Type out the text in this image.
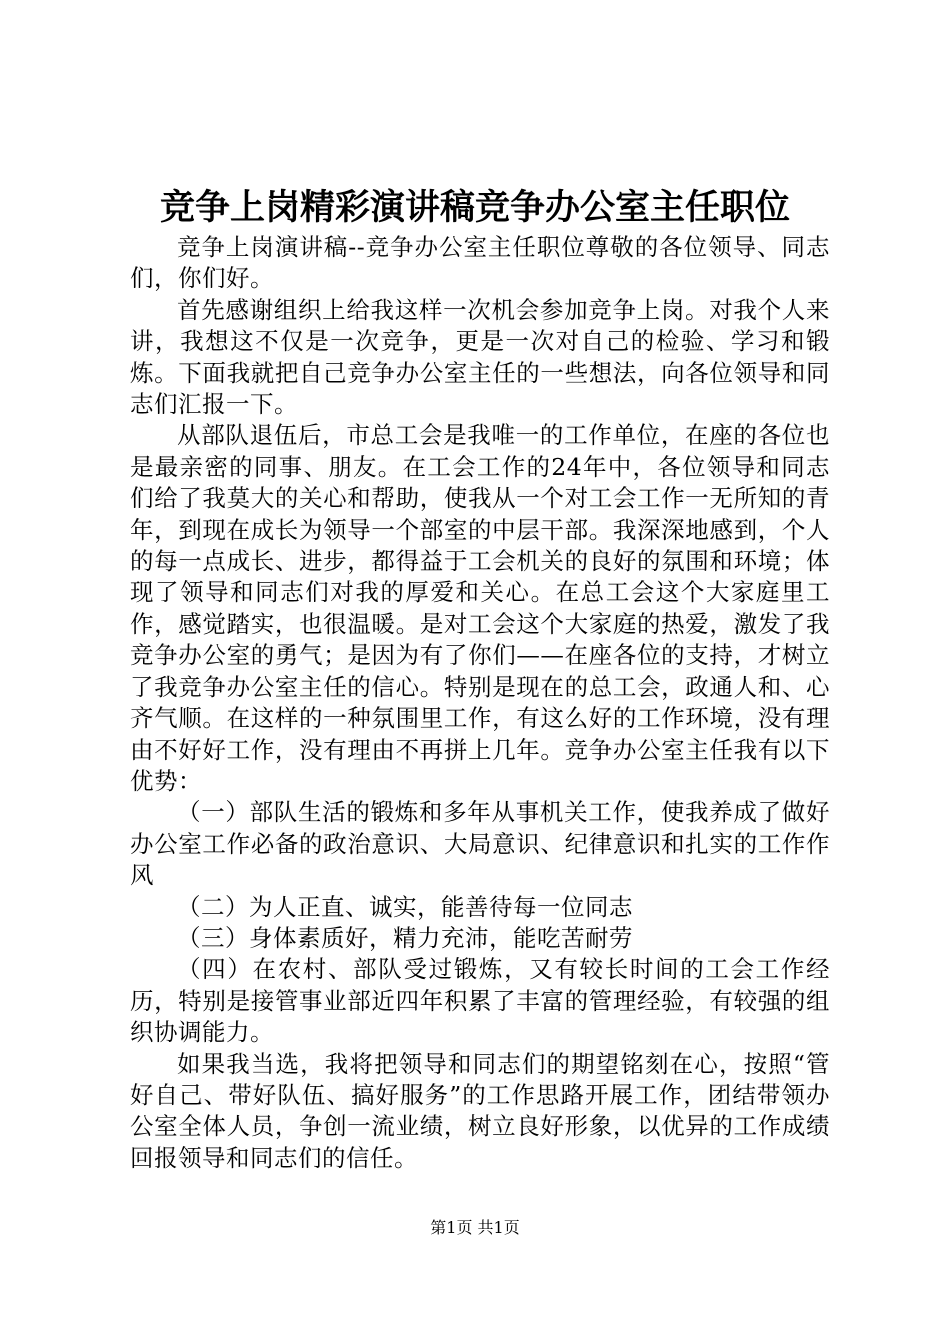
竞争上岗精彩演讲稿竞争办公室主任职位

竞争上岗演讲稿--竞争办公室主任职位尊敬的各位领导、同志们，你们好。

首先感谢组织上给我这样一次机会参加竞争上岗。对我个人来讲，我想这不仅是一次竞争，更是一次对自己的检验、学习和锻炼。下面我就把自己竞争办公室主任的一些想法，向各位领导和同志们汇报一下。

从部队退伍后，市总工会是我唯一的工作单位，在座的各位也是最亲密的同事、朋友。在工会工作的24年中，各位领导和同志们给了我莫大的关心和帮助，使我从一个对工会工作一无所知的青年，到现在成长为领导一个部室的中层干部。我深深地感到，个人的每一点成长、进步，都得益于工会机关的良好的氛围和环境；体现了领导和同志们对我的厚爱和关心。在总工会这个大家庭里工作，感觉踏实，也很温暖。是对工会这个大家庭的热爱，激发了我竞争办公室的勇气；是因为有了你们——在座各位的支持，才树立了我竞争办公室主任的信心。特别是现在的总工会，政通人和、心齐气顺。在这样的一种氛围里工作，有这么好的工作环境，没有理由不好好工作，没有理由不再拼上几年。竞争办公室主任我有以下优势：

（一）部队生活的锻炼和多年从事机关工作，使我养成了做好办公室工作必备的政治意识、大局意识、纪律意识和扎实的工作作风

（二）为人正直、诚实，能善待每一位同志

（三）身体素质好，精力充沛，能吃苦耐劳

（四）在农村、部队受过锻炼，又有较长时间的工会工作经历，特别是接管事业部近四年积累了丰富的管理经验，有较强的组织协调能力。

如果我当选，我将把领导和同志们的期望铭刻在心，按照“管好自己、带好队伍、搞好服务”的工作思路开展工作，团结带领办公室全体人员，争创一流业绩，树立良好形象，以优异的工作成绩回报领导和同志们的信任。

第1页 共1页
